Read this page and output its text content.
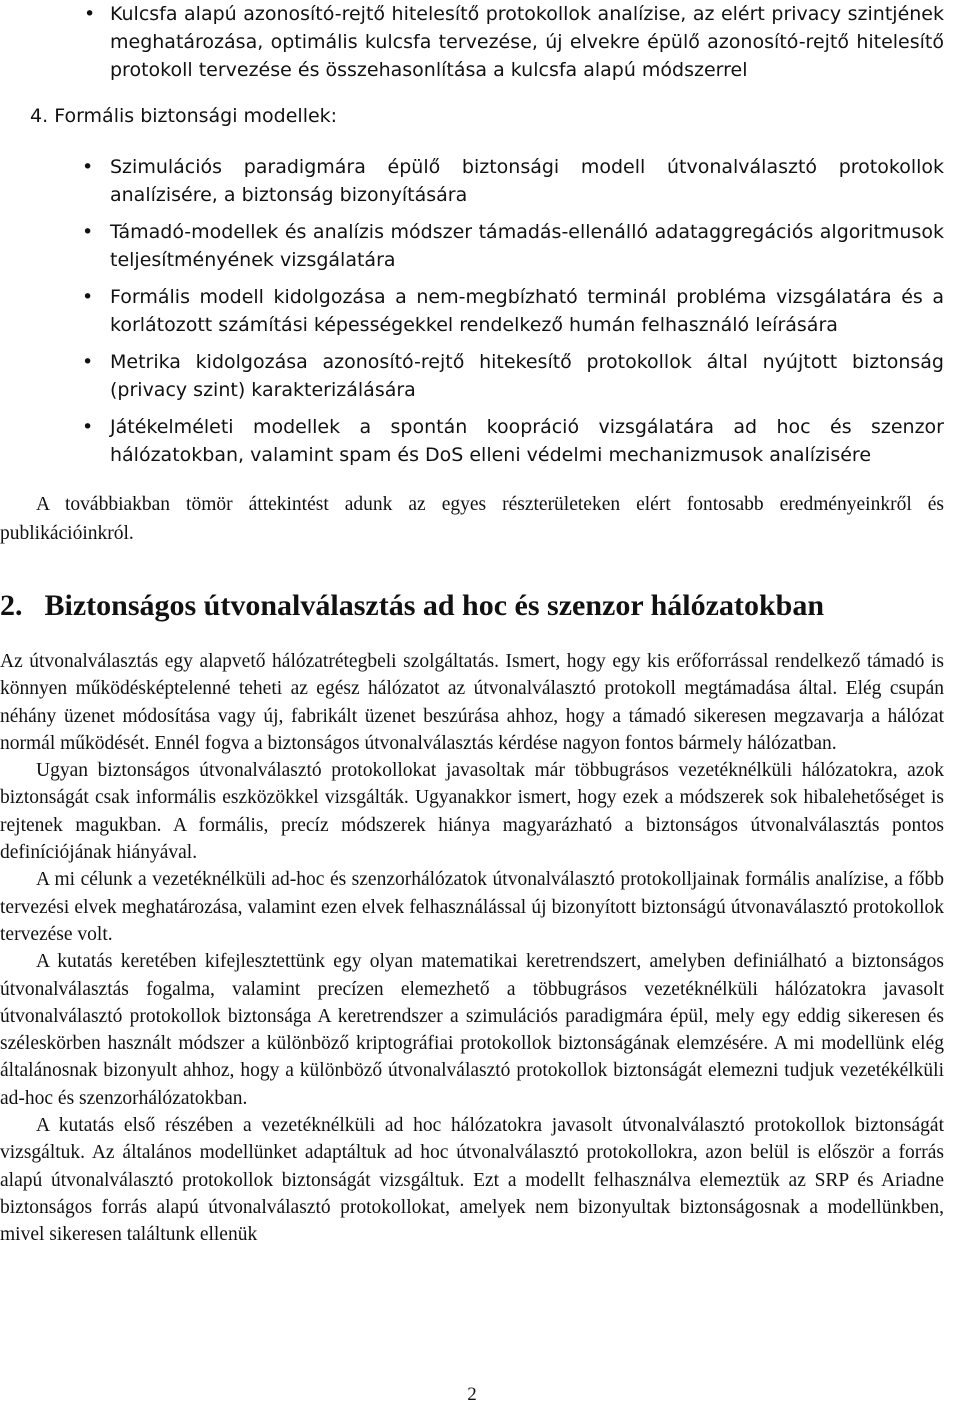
• Kulcsfa alapú azonosító-rejtő hitelesítő protokollok analízise, az elért privacy szintjének meghatározása, optimális kulcsfa tervezése, új elvekre épülő azonosító-rejtő hitelesítő protokoll tervezése és összehasonlítása a kulcsfa alapú módszerrel
4. Formális biztonsági modellek:
• Szimulációs paradigmára épülő biztonsági modell útvonalválasztó protokollok analízisére, a biztonság bizonyítására
• Támadó-modellek és analízis módszer támadás-ellenálló adataggregációs algoritmusok teljesítményének vizsgálatára
• Formális modell kidolgozása a nem-megbízható terminál probléma vizsgálatára és a korlátozott számítási képességekkel rendelkező humán felhasználó leírására
• Metrika kidolgozása azonosító-rejtő hitekesítő protokollok által nyújtott biztonság (privacy szint) karakterizálására
• Játékelméleti modellek a spontán koopráció vizsgálatára ad hoc és szenzor hálózatokban, valamint spam és DoS elleni védelmi mechanizmusok analízisére

A továbbiakban tömör áttekintést adunk az egyes részterületeken elért fontosabb eredményeinkről és publikációinkról.

2. Biztonságos útvonalválasztás ad hoc és szenzor hálózatokban

Az útvonalválasztás egy alapvető hálózatrétegbeli szolgáltatás. Ismert, hogy egy kis erőforrással rendelkező támadó is könnyen működésképtelenné teheti az egész hálózatot az útvonalválasztó protokoll megtámadása által. Elég csupán néhány üzenet módosítása vagy új, fabrikált üzenet beszúrása ahhoz, hogy a támadó sikeresen megzavarja a hálózat normál működését. Ennél fogva a biztonságos útvonalválasztás kérdése nagyon fontos bármely hálózatban.

Ugyan biztonságos útvonalválasztó protokollokat javasoltak már többugrásos vezetéknélküli hálózatokra, azok biztonságát csak informális eszközökkel vizsgálták. Ugyanakkor ismert, hogy ezek a módszerek sok hibalehetőséget is rejtenek magukban. A formális, precíz módszerek hiánya magyarázható a biztonságos útvonalválasztás pontos definíciójának hiányával.

A mi célunk a vezetéknélküli ad-hoc és szenzorhálózatok útvonalválasztó protokolljainak formális analízise, a főbb tervezési elvek meghatározása, valamint ezen elvek felhasználással új bizonyított biztonságú útvonaválasztó protokollok tervezése volt.

A kutatás keretében kifejlesztettünk egy olyan matematikai keretrendszert, amelyben definiálható a biztonságos útvonalválasztás fogalma, valamint precízen elemezhető a többugrásos vezetéknélküli hálózatokra javasolt útvonalválasztó protokollok biztonsága A keretrendszer a szimulációs paradigmára épül, mely egy eddig sikeresen és széleskörben használt módszer a különböző kriptográfiai protokollok biztonságának elemzésére. A mi modellünk elég általánosnak bizonyult ahhoz, hogy a különböző útvonalválasztó protokollok biztonságát elemezni tudjuk vezetékélküli ad-hoc és szenzorhálózatokban.

A kutatás első részében a vezetéknélküli ad hoc hálózatokra javasolt útvonalválasztó protokollok biztonságát vizsgáltuk. Az általános modellünket adaptáltuk ad hoc útvonalválasztó protokollokra, azon belül is először a forrás alapú útvonalválasztó protokollok biztonságát vizsgáltuk. Ezt a modellt felhasználva elemeztük az SRP és Ariadne biztonságos forrás alapú útvonalválasztó protokollokat, amelyek nem bizonyultak biztonságosnak a modellünkben, mivel sikeresen találtunk ellenük

2
